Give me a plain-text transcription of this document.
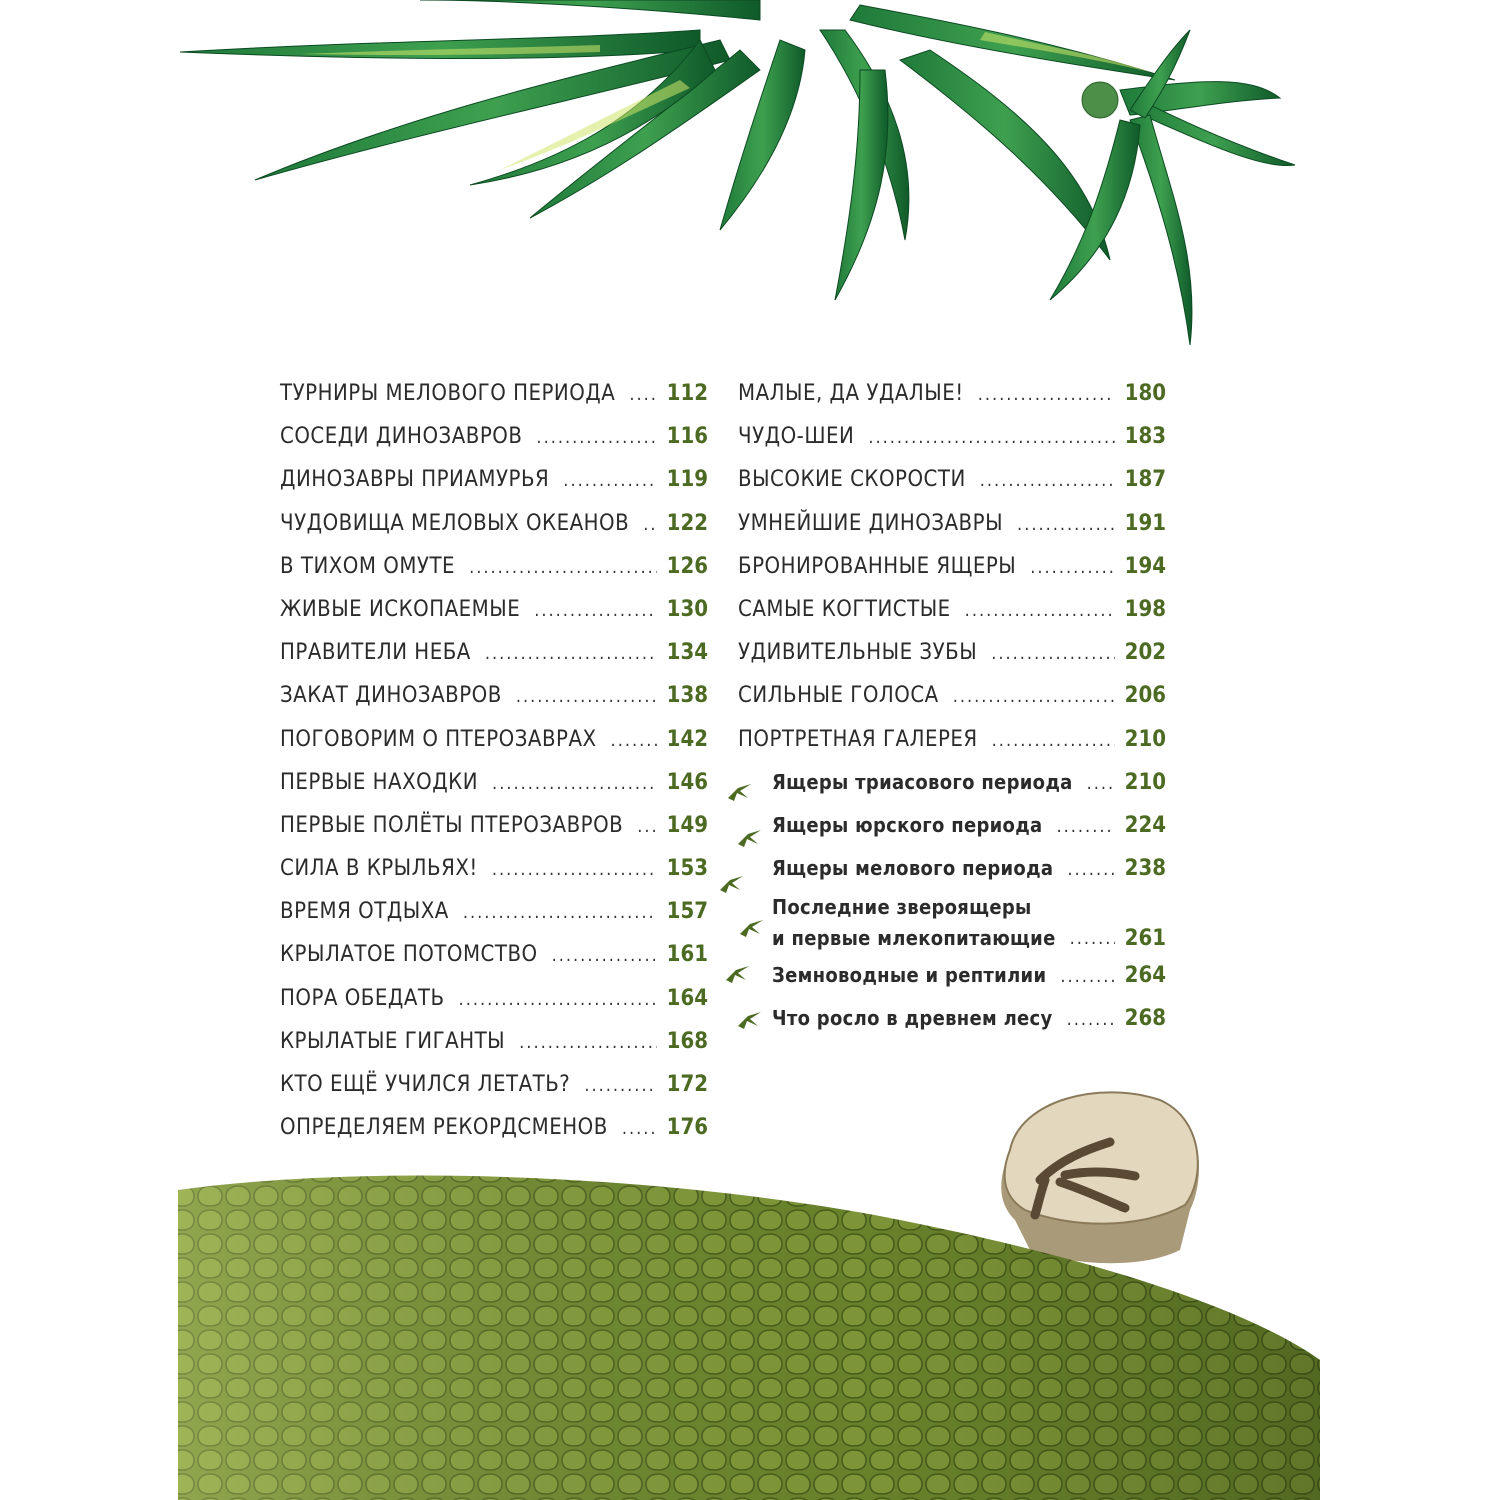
ТУРНИРЫ МЕЛОВОГО ПЕРИОДА ..... 112
СОСЕДИ ДИНОЗАВРОВ .....	116
ДИНОЗАВРЫ ПРИАМУРЬЯ .....	119
ЧУДОВИЩА МЕЛОВЫХ ОКЕАНОВ ..... 122
В ТИХОМ ОМУТЕ .....	126
ЖИВЫЕ ИСКОПАЕМЫЕ .....	130
ПРАВИТЕЛИ НЕБА .....	134
ЗАКАТ ДИНОЗАВРОВ .....	138
ПОГОВОРИМ О ПТЕРОЗАВРАХ .....	142
ПЕРВЫЕ НАХОДКИ .....	146
ПЕРВЫЕ ПОЛЁТЫ ПТЕРОЗАВРОВ ..... 149
СИЛА В КРЫЛЬЯХ! .....	153
ВРЕМЯ ОТДЫХА .....	157
КРЫЛАТОЕ ПОТОМСТВО .....	161
ПОРА ОБЕДАТЬ .....	164
КРЫЛАТЫЕ ГИГАНТЫ .....	168
КТО ЕЩЁ УЧИЛСЯ ЛЕТАТЬ? .....	172
ОПРЕДЕЛЯЕМ РЕКОРДСМЕНОВ .....	176
МАЛЫЕ, ДА УДАЛЫЕ! .....	180
ЧУДО-ШЕИ .....	183
ВЫСОКИЕ СКОРОСТИ .....	187
УМНЕЙШИЕ ДИНОЗАВРЫ .....	191
БРОНИРОВАННЫЕ ЯЩЕРЫ .....	194
САМЫЕ КОГТИСТЫЕ .....	198
УДИВИТЕЛЬНЫЕ ЗУБЫ .....	202
СИЛЬНЫЕ ГОЛОСА .....	206
ПОРТРЕТНАЯ ГАЛЕРЕЯ .....	210
Ящеры триасового периода ..... 210
Ящеры юрского периода .....	224
Ящеры мелового периода .....	238
Последние звероящеры
и первые млекопитающие .....	261
Земноводные и рептилии .....	264
Что росло в древнем лесу .....	268
